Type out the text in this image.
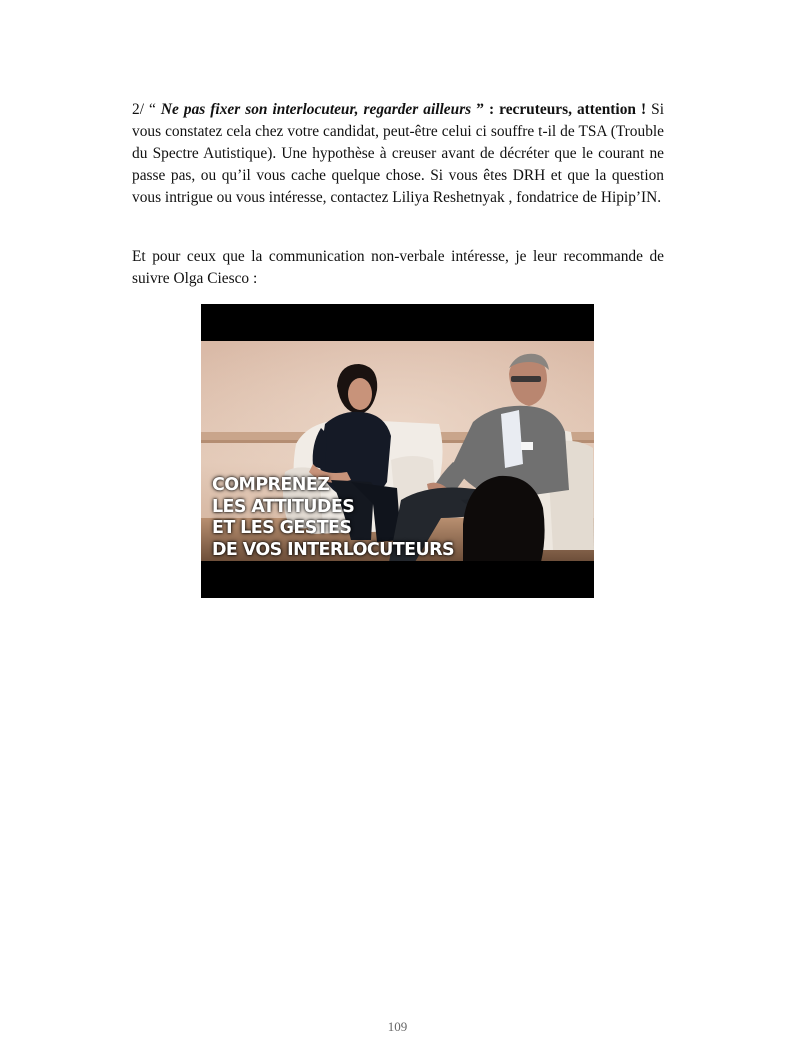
2/ “ Ne pas fixer son interlocuteur, regarder ailleurs ” : recruteurs, attention ! Si vous constatez cela chez votre candidat, peut-être celui ci souffre t-il de TSA (Trouble du Spectre Autistique). Une hypothèse à creuser avant de décréter que le courant ne passe pas, ou qu’il vous cache quelque chose. Si vous êtes DRH et que la question vous intrigue ou vous intéresse, contactez Liliya Reshetnyak , fondatrice de Hipip’IN.
Et pour ceux que la communication non-verbale intéresse, je leur recommande de suivre Olga Ciesco :
COMPRENEZ
LES ATTITUDES
ET LES GESTES
DE VOS INTERLOCUTEURS
109
